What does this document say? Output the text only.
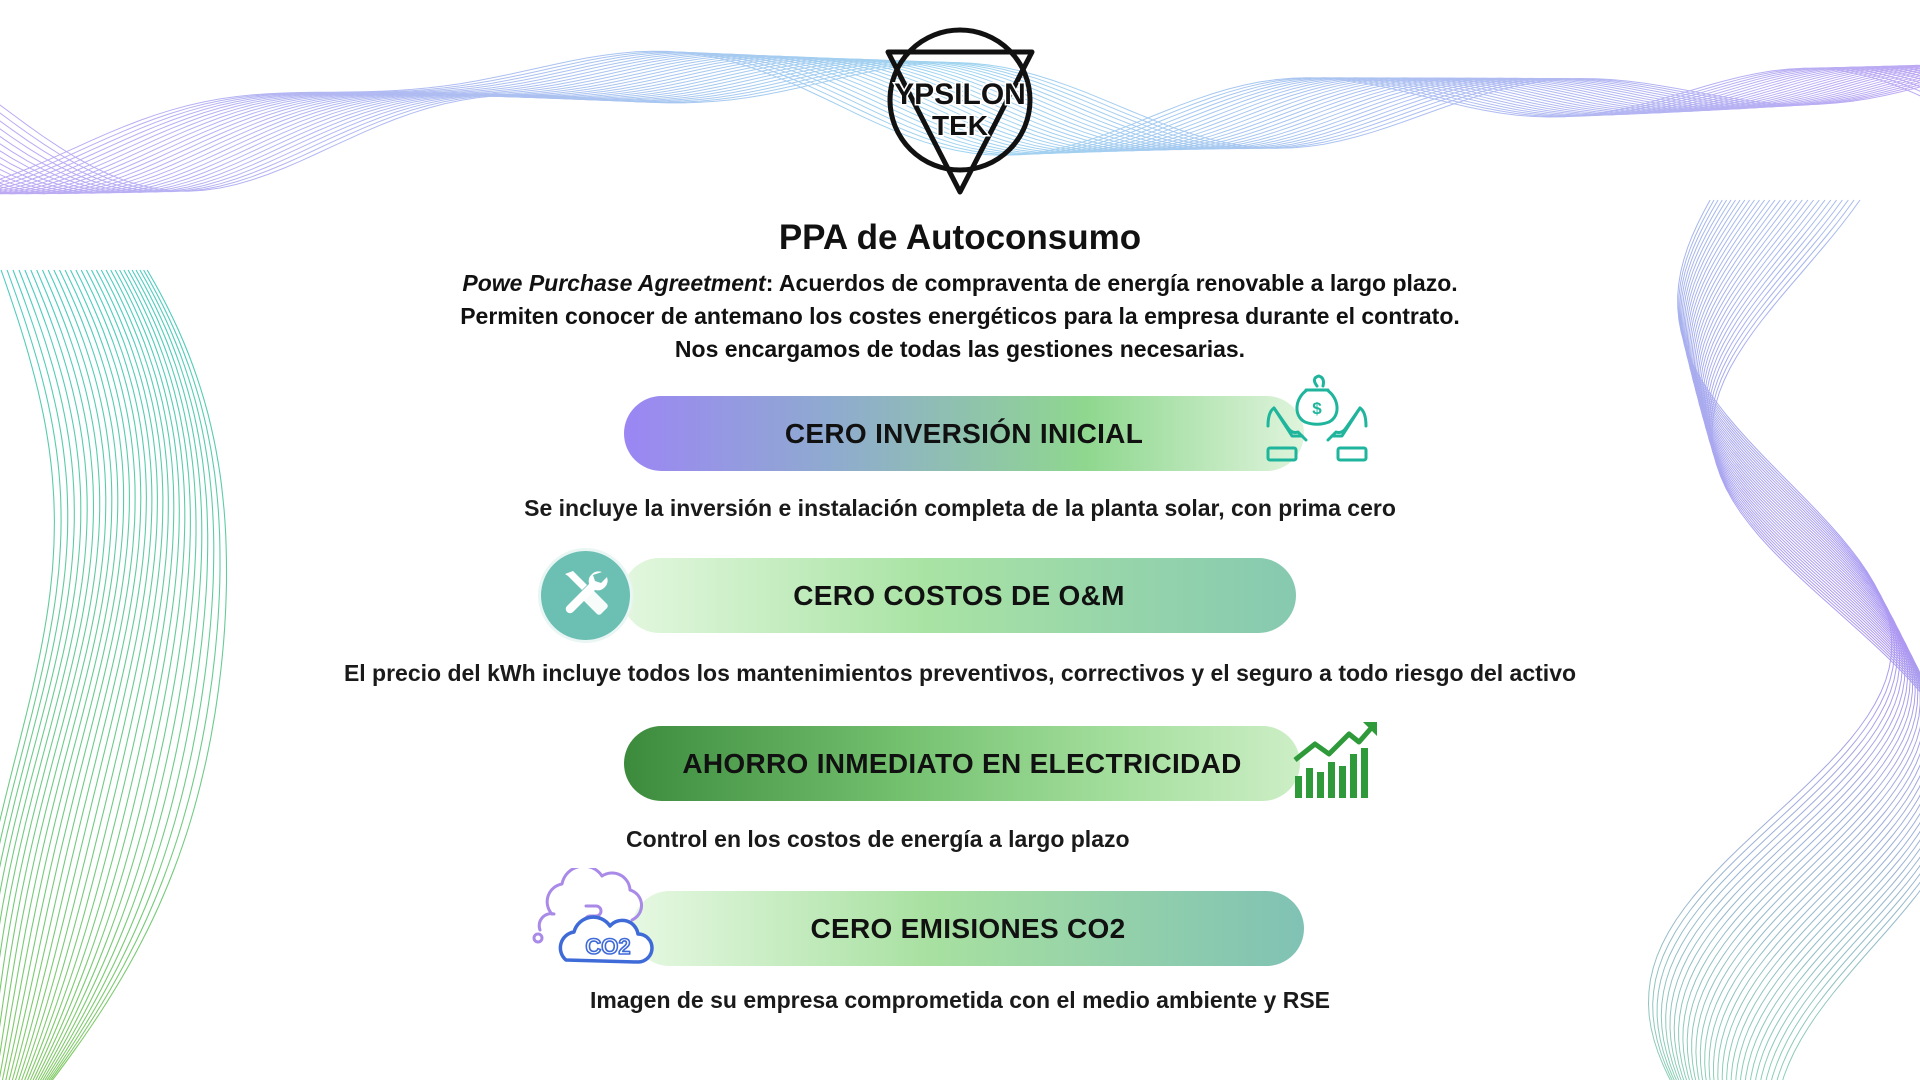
YPSILON
TEK
PPA de Autoconsumo
Powe Purchase Agreetment: Acuerdos de compraventa de energía renovable a largo plazo.
Permiten conocer de antemano los costes energéticos para la empresa durante el contrato.
Nos encargamos de todas las gestiones necesarias.
CERO INVERSIÓN INICIAL
$
Se incluye la inversión e instalación completa de la planta solar, con prima cero
CERO COSTOS DE O&M
El precio del kWh incluye todos los mantenimientos preventivos, correctivos y el seguro a todo riesgo del activo
AHORRO INMEDIATO EN ELECTRICIDAD
Control en los costos de energía a largo plazo
CERO EMISIONES CO2
CO2
Imagen de su empresa comprometida con el medio ambiente y RSE
